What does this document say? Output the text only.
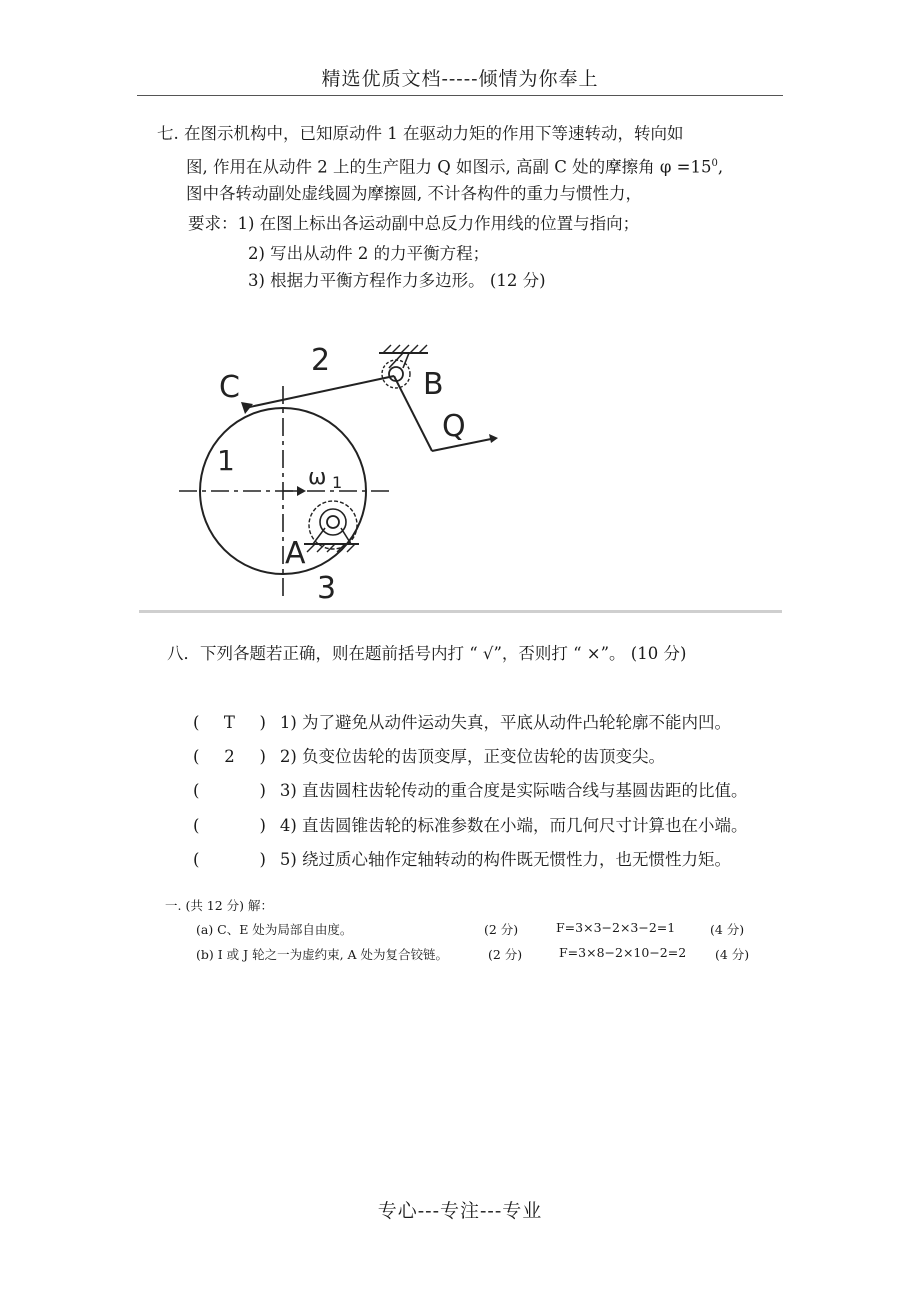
精选优质文档-----倾情为你奉上
七. 在图示机构中，已知原动件 1 在驱动力矩的作用下等速转动，转向如
图, 作用在从动件 2 上的生产阻力 Q 如图示, 高副 C 处的摩擦角 $\varphi =15^0$,
图中各转动副处虚线圆为摩擦圆, 不计各构件的重力与惯性力，
要求：1) 在图上标出各运动副中总反力作用线的位置与指向；
2) 写出从动件 2 的力平衡方程；
3) 根据力平衡方程作力多边形。 (12 分)
2
C	B
Q
1
ω 1
A
3
八．下列各题若正确，则在题前括号内打 “ √”，否则打 “ ×”。 (10 分)
( T ) 1) 为了避免从动件运动失真，平底从动件凸轮轮廓不能内凹。
( 2 ) 2) 负变位齿轮的齿顶变厚，正变位齿轮的齿顶变尖。
(	) 3) 直齿圆柱齿轮传动的重合度是实际啮合线与基圆齿距的比值。
(	) 4) 直齿圆锥齿轮的标准参数在小端，而几何尺寸计算也在小端。
(	) 5) 绕过质心轴作定轴转动的构件既无惯性力，也无惯性力矩。
一. (共 12 分) 解：
(a) C、E 处为局部自由度。	(2 分)	F=3×3−2×3−2=1	(4 分)
(b) I 或 J 轮之一为虚约束, A 处为复合铰链。	(2 分)	F=3×8−2×10−2=2 (4 分)
专心---专注---专业
